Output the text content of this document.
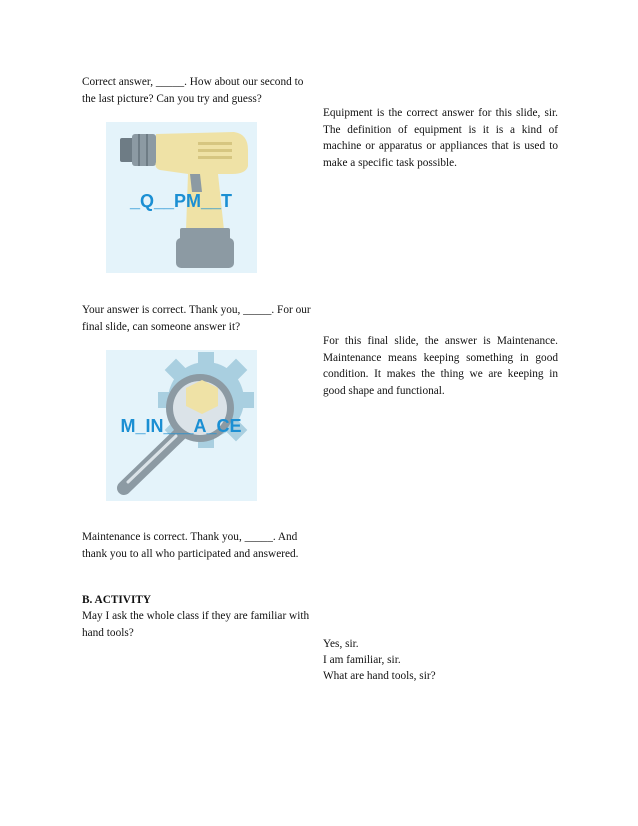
Correct answer, _____. How about our second to the last picture? Can you try and guess?

Equipment is the correct answer for this slide, sir. The definition of equipment is it is a kind of machine or apparatus or appliances that is used to make a specific task possible.

_Q__PM__T

Your answer is correct. Thank you, _____. For our final slide, can someone answer it?

For this final slide, the answer is Maintenance. Maintenance means keeping something in good condition. It makes the thing we are keeping in good shape and functional.

M_IN___A_CE

Maintenance is correct. Thank you, _____. And thank you to all who participated and answered.

B. ACTIVITY

May I ask the whole class if they are familiar with hand tools?

Yes, sir.

I am familiar, sir.

What are hand tools, sir?
